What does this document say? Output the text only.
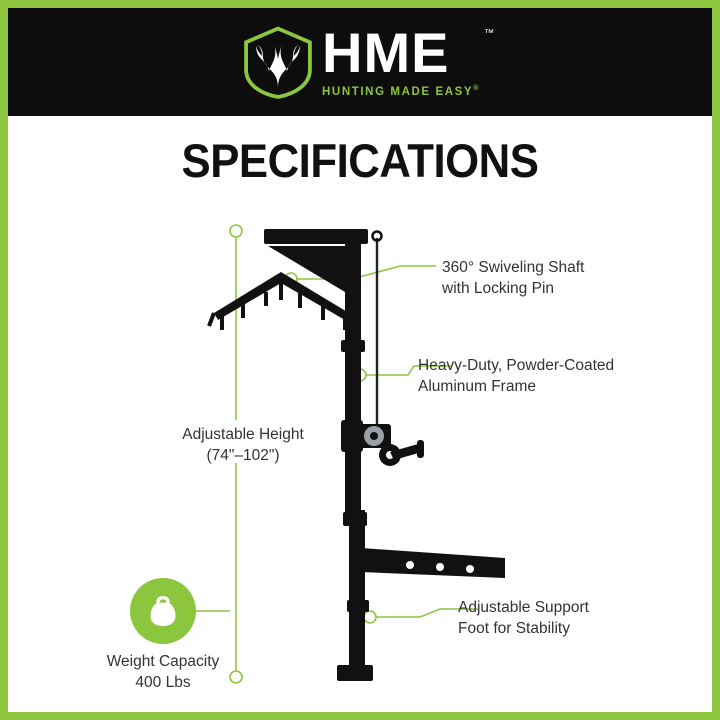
HME	™
HUNTING MADE EASY®
SPECIFICATIONS
360° Swiveling Shaft
with Locking Pin
Heavy-Duty, Powder-Coated
Aluminum Frame
Adjustable Height
(74"–102")
Adjustable Support
Foot for Stability
Weight Capacity
400 Lbs
